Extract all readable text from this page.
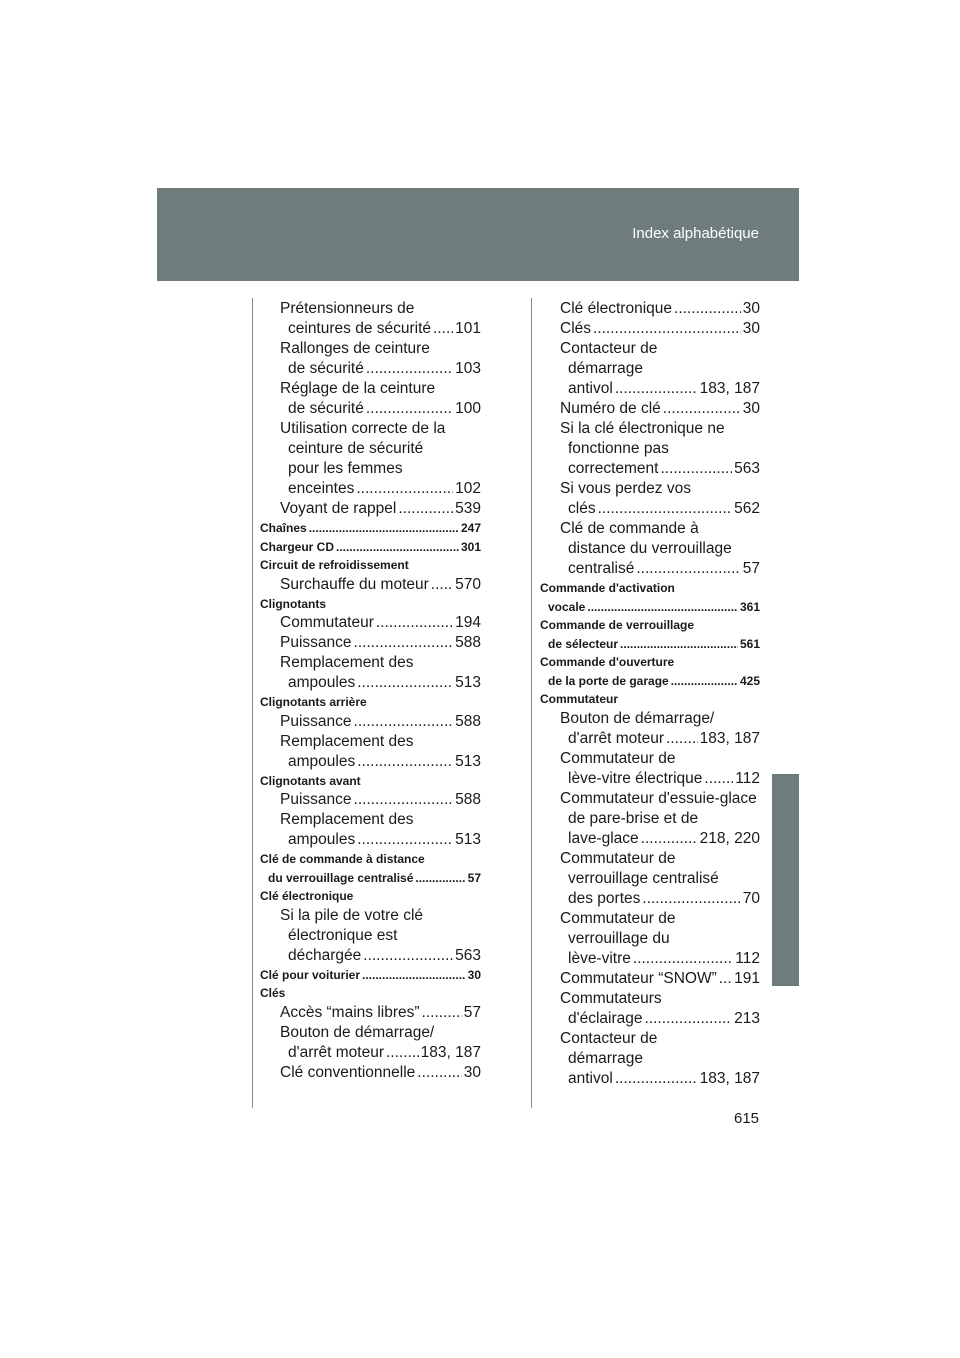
Index alphabétique
Prétensionneurs de
ceintures de sécurité ..... 101
Rallonges de ceinture
de sécurité .....	103
Réglage de la ceinture
de sécurité .....	100
Utilisation correcte de la
ceinture de sécurité
pour les femmes
enceintes .....	102
Voyant de rappel .....	539
Chaînes .....	247
Chargeur CD .....	301
Circuit de refroidissement
Surchauffe du moteur ..... 570
Clignotants
Commutateur .....	194
Puissance .....	588
Remplacement des
ampoules .....	513
Clignotants arrière
Puissance .....	588
Remplacement des
ampoules .....	513
Clignotants avant
Puissance .....	588
Remplacement des
ampoules .....	513
Clé de commande à distance
du verrouillage centralisé .....	57
Clé électronique
Si la pile de votre clé
électronique est
déchargée .....	563
Clé pour voiturier .....	30
Clés
Accès “mains libres” .....	57
Bouton de démarrage/
d'arrêt moteur ..... 183, 187
Clé conventionnelle .....	30
Clé électronique .....	30
Clés .....	30
Contacteur de
démarrage
antivol .....	183, 187
Numéro de clé .....	30
Si la clé électronique ne
fonctionne pas
correctement .....	563
Si vous perdez vos
clés .....	562
Clé de commande à
distance du verrouillage
centralisé .....	57
Commande d'activation
vocale .....	361
Commande de verrouillage
de sélecteur .....	561
Commande d'ouverture
de la porte de garage .....	425
Commutateur
Bouton de démarrage/
d'arrêt moteur ..... 183, 187
Commutateur de
lève-vitre électrique ..... 112
Commutateur d'essuie-glace
de pare-brise et de
lave-glace .....	218, 220
Commutateur de
verrouillage centralisé
des portes .....	70
Commutateur de
verrouillage du
lève-vitre .....	112
Commutateur “SNOW” ..... 191
Commutateurs
d'éclairage .....	213
Contacteur de
démarrage
antivol .....	183, 187
615
